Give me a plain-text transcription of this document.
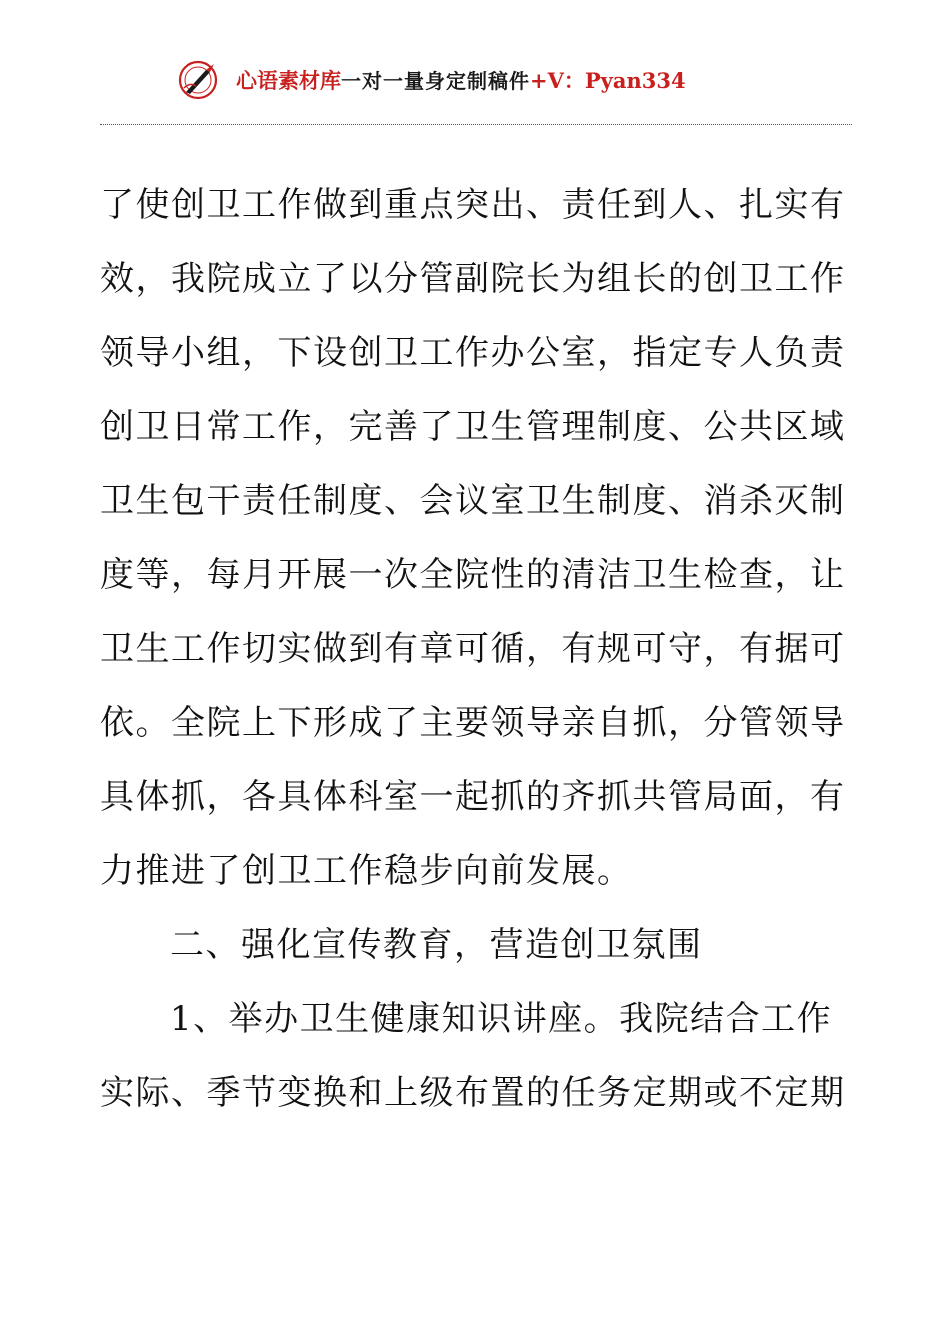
心语素材库一对一量身定制稿件+V：Pyan334
了使创卫工作做到重点突出、责任到人、扎实有
效，我院成立了以分管副院长为组长的创卫工作
领导小组，下设创卫工作办公室，指定专人负责
创卫日常工作，完善了卫生管理制度、公共区域
卫生包干责任制度、会议室卫生制度、消杀灭制
度等，每月开展一次全院性的清洁卫生检查，让
卫生工作切实做到有章可循，有规可守，有据可
依。全院上下形成了主要领导亲自抓，分管领导
具体抓，各具体科室一起抓的齐抓共管局面，有
力推进了创卫工作稳步向前发展。
二、强化宣传教育，营造创卫氛围
1、举办卫生健康知识讲座。我院结合工作
实际、季节变换和上级布置的任务定期或不定期
